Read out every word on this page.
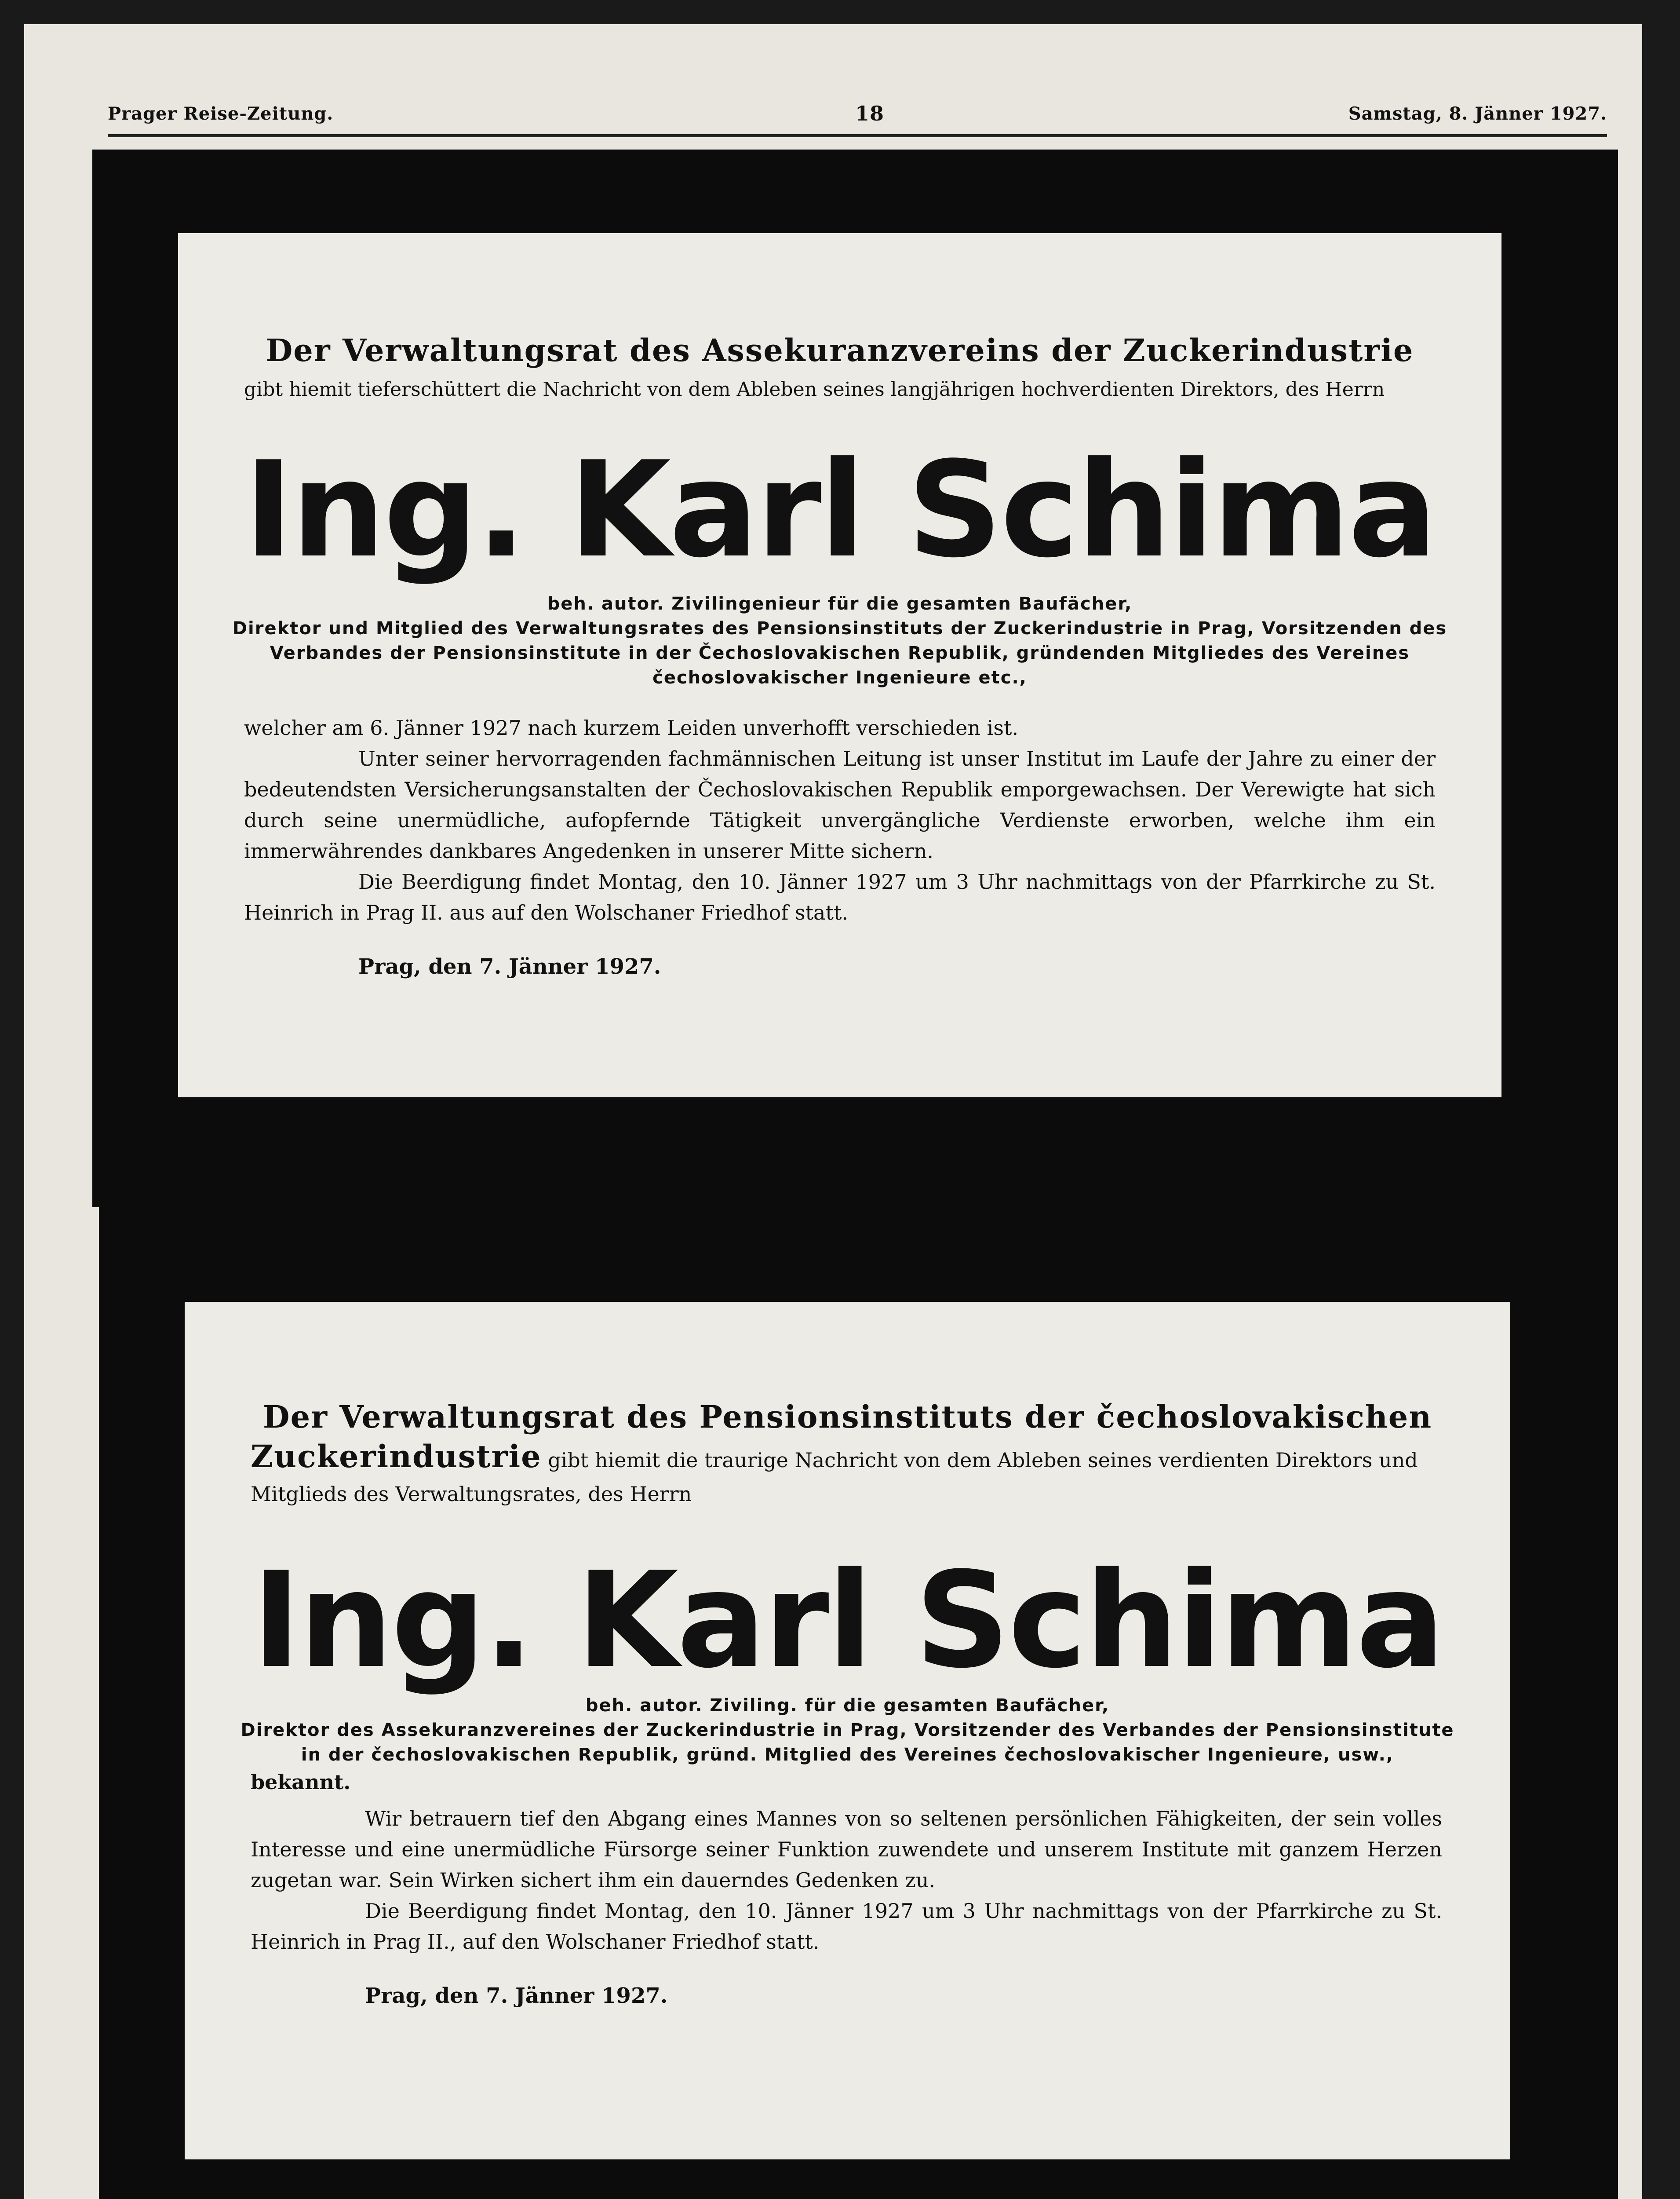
Prager Reise-Zeitung.	18	Samstag, 8. Jänner 1927.
Der Verwaltungsrat des Assekuranzvereins der Zuckerindustrie
gibt hiemit tieferschüttert die Nachricht von dem Ableben seines langjährigen hochverdienten Direktors, des Herrn
Ing. Karl Schima
beh. autor. Zivilingenieur für die gesamten Baufächer,
Direktor und Mitglied des Verwaltungsrates des Pensionsinstituts der Zuckerindustrie in Prag, Vorsitzenden des
Verbandes der Pensionsinstitute in der Čechoslovakischen Republik, gründenden Mitgliedes des Vereines
čechoslovakischer Ingenieure etc.,

welcher am 6. Jänner 1927 nach kurzem Leiden unverhofft verschieden ist.

Unter seiner hervorragenden fachmännischen Leitung ist unser Institut im Laufe der Jahre zu einer der bedeutendsten Versicherungsanstalten der Čechoslovakischen Republik emporgewachsen. Der Verewigte hat sich durch seine unermüdliche, aufopfernde Tätigkeit unvergängliche Verdienste erworben, welche ihm ein immerwährendes dankbares Angedenken in unserer Mitte sichern.

Die Beerdigung findet Montag, den 10. Jänner 1927 um 3 Uhr nachmittags von der Pfarrkirche zu St. Heinrich in Prag II. aus auf den Wolschaner Friedhof statt.

Prag, den 7. Jänner 1927.
Der Verwaltungsrat des Pensionsinstituts der čechoslovakischen
Zuckerindustrie gibt hiemit die traurige Nachricht von dem Ableben seines verdienten Direktors und
Mitglieds des Verwaltungsrates, des Herrn
Ing. Karl Schima
beh. autor. Ziviling. für die gesamten Baufächer,
Direktor des Assekuranzvereines der Zuckerindustrie in Prag, Vorsitzender des Verbandes der Pensionsinstitute
in der čechoslovakischen Republik, gründ. Mitglied des Vereines čechoslovakischer Ingenieure, usw.,
bekannt.

Wir betrauern tief den Abgang eines Mannes von so seltenen persönlichen Fähigkeiten, der sein volles Interesse und eine unermüdliche Fürsorge seiner Funktion zuwendete und unserem Institute mit ganzem Herzen zugetan war. Sein Wirken sichert ihm ein dauerndes Gedenken zu.

Die Beerdigung findet Montag, den 10. Jänner 1927 um 3 Uhr nachmittags von der Pfarrkirche zu St. Heinrich in Prag II., auf den Wolschaner Friedhof statt.

Prag, den 7. Jänner 1927.
